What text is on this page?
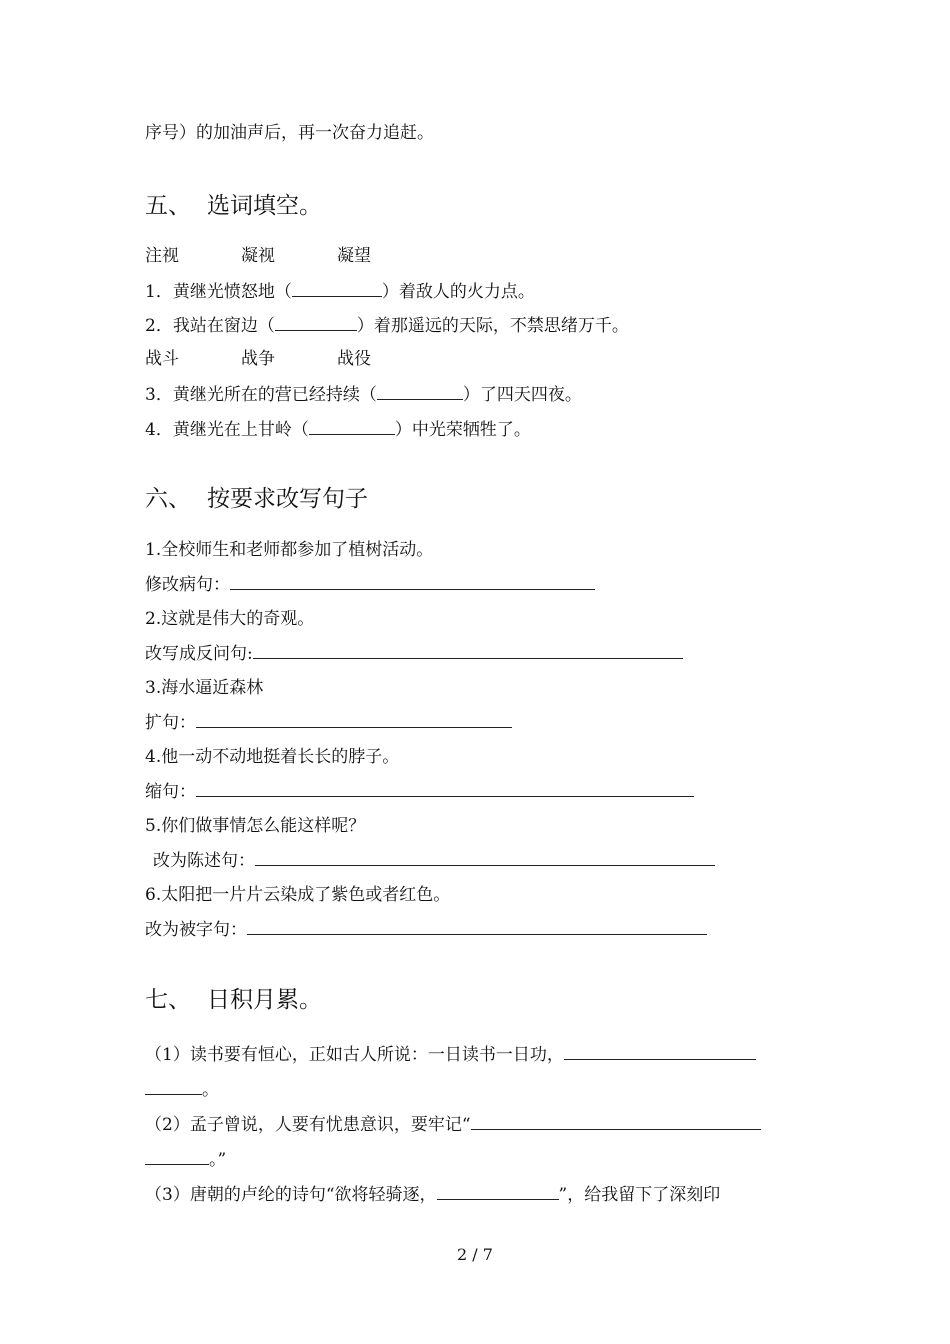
序号）的加油声后，再一次奋力追赶。
五、 选词填空。
注视	凝视	凝望
1．黄继光愤怒地（	）着敌人的火力点。
2．我站在窗边（	）着那遥远的天际，不禁思绪万千。
战斗	战争	战役
3．黄继光所在的营已经持续（	）了四天四夜。
4．黄继光在上甘岭（	）中光荣牺牲了。
六、 按要求改写句子
1.全校师生和老师都参加了植树活动。
修改病句：
2.这就是伟大的奇观。
改写成反问句:
3.海水逼近森林
扩句：
4.他一动不动地挺着长长的脖子。
缩句：
5.你们做事情怎么能这样呢？
改为陈述句：
6.太阳把一片片云染成了紫色或者红色。
改为被字句：
七、 日积月累。
（1）读书要有恒心，正如古人所说：一日读书一日功，
。
（2）孟子曾说，人要有忧患意识，要牢记“
。”
（3）唐朝的卢纶的诗句“欲将轻骑逐，	”，给我留下了深刻印
2 / 7
